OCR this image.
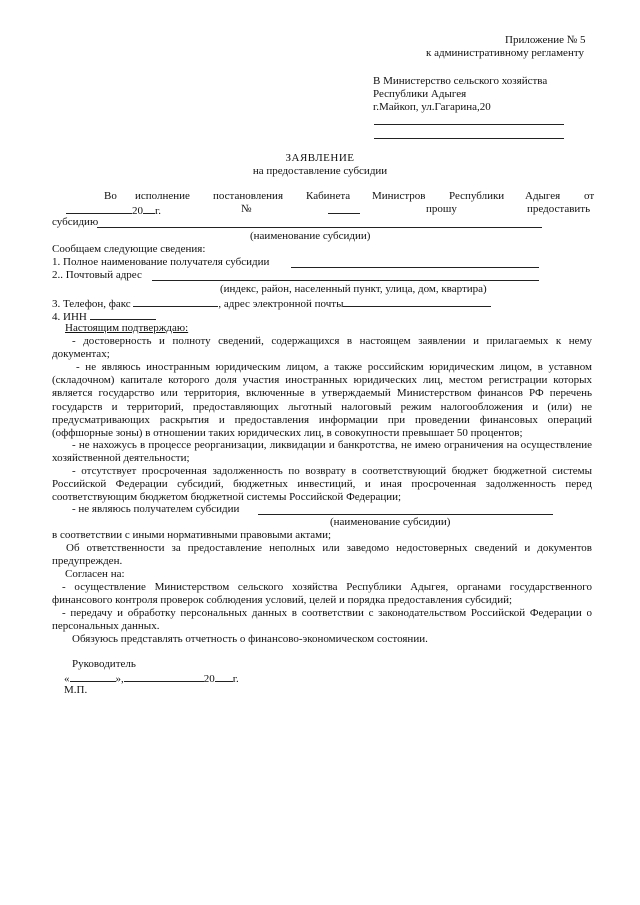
Приложение № 5
к административному регламенту
В Министерство сельского хозяйства
Республики Адыгея
г.Майкоп, ул.Гагарина,20
ЗАЯВЛЕНИЕ
на предоставление субсидии
Во исполнение постановления Кабинета Министров Республики Адыгея от
20 г.	№	прошу	предоставить
субсидию
(наименование субсидии)
Сообщаем следующие сведения:
1. Полное наименование получателя субсидии
2.. Почтовый адрес
(индекс, район, населенный пункт, улица, дом, квартира)
3. Телефон, факс	, адрес электронной почты
4. ИНН
Настоящим подтверждаю:
- достоверность и полноту сведений, содержащихся в настоящем заявлении и прилагаемых к нему документах;
- не являюсь иностранным юридическим лицом, а также российским юридическим лицом, в уставном (складочном) капитале которого доля участия иностранных юридических лиц, местом регистрации которых является государство или территория, включенные в утверждаемый Министерством финансов РФ перечень государств и территорий, предоставляющих льготный налоговый режим налогообложения и (или) не предусматривающих раскрытия и предоставления информации при проведении финансовых операций (оффшорные зоны) в отношении таких юридических лиц, в совокупности превышает 50 процентов;
- не нахожусь в процессе реорганизации, ликвидации и банкротства, не имею ограничения на осуществление хозяйственной деятельности;
- отсутствует просроченная задолженность по возврату в соответствующий бюджет бюджетной системы Российской Федерации субсидий, бюджетных инвестиций, и иная просроченная задолженность перед соответствующим бюджетом бюджетной системы Российской Федерации;
- не являюсь получателем субсидии
(наименование субсидии)
в соответствии с иными нормативными правовыми актами;
Об ответственности за предоставление неполных или заведомо недостоверных сведений и документов предупрежден.
Согласен на:
- осуществление Министерством сельского хозяйства Республики Адыгея, органами государственного финансового контроля проверок соблюдения условий, целей и порядка предоставления субсидий;
- передачу и обработку персональных данных в соответствии с законодательством Российской Федерации о персональных данных.
Обязуюсь представлять отчетность о финансово-экономическом состоянии.
Руководитель
«	»,	20 г.
М.П.
